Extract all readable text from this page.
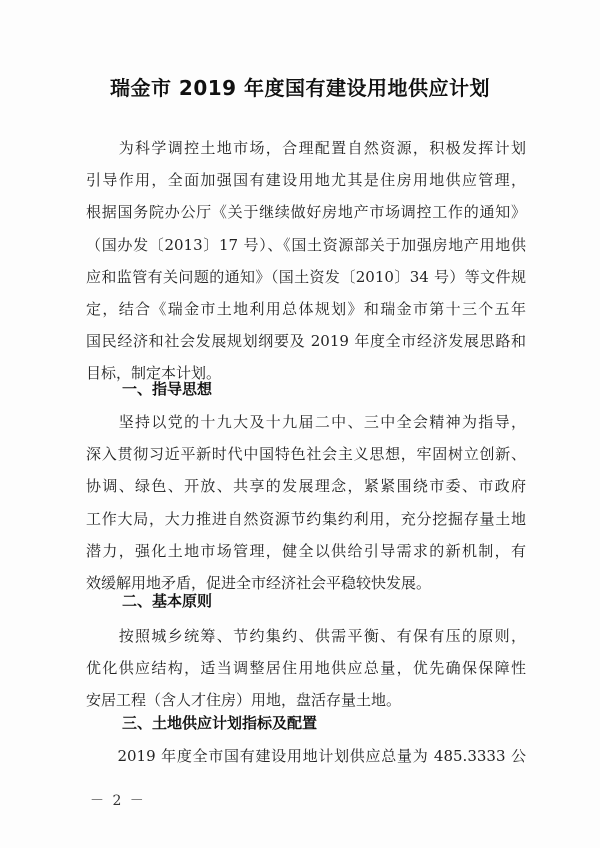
瑞金市 2019 年度国有建设用地供应计划
　　为科学调控土地市场，合理配置自然资源，积极发挥计划
引导作用，全面加强国有建设用地尤其是住房用地供应管理，
根据国务院办公厅《关于继续做好房地产市场调控工作的通知》
（国办发〔2013〕17 号）、《国土资源部关于加强房地产用地供
应和监管有关问题的通知》（国土资发〔2010〕34 号）等文件规
定，结合《瑞金市土地利用总体规划》和瑞金市第十三个五年
国民经济和社会发展规划纲要及 2019 年度全市经济发展思路和
目标，制定本计划。
一、指导思想
　　坚持以党的十九大及十九届二中、三中全会精神为指导，
深入贯彻习近平新时代中国特色社会主义思想，牢固树立创新、
协调、绿色、开放、共享的发展理念，紧紧围绕市委、市政府
工作大局，大力推进自然资源节约集约利用，充分挖掘存量土地
潜力，强化土地市场管理，健全以供给引导需求的新机制，有
效缓解用地矛盾，促进全市经济社会平稳较快发展。
二、基本原则
　　按照城乡统筹、节约集约、供需平衡、有保有压的原则，
优化供应结构，适当调整居住用地供应总量，优先确保保障性
安居工程（含人才住房）用地，盘活存量土地。
三、土地供应计划指标及配置
　　2019 年度全市国有建设用地计划供应总量为 485.3333 公
－ 2 －
